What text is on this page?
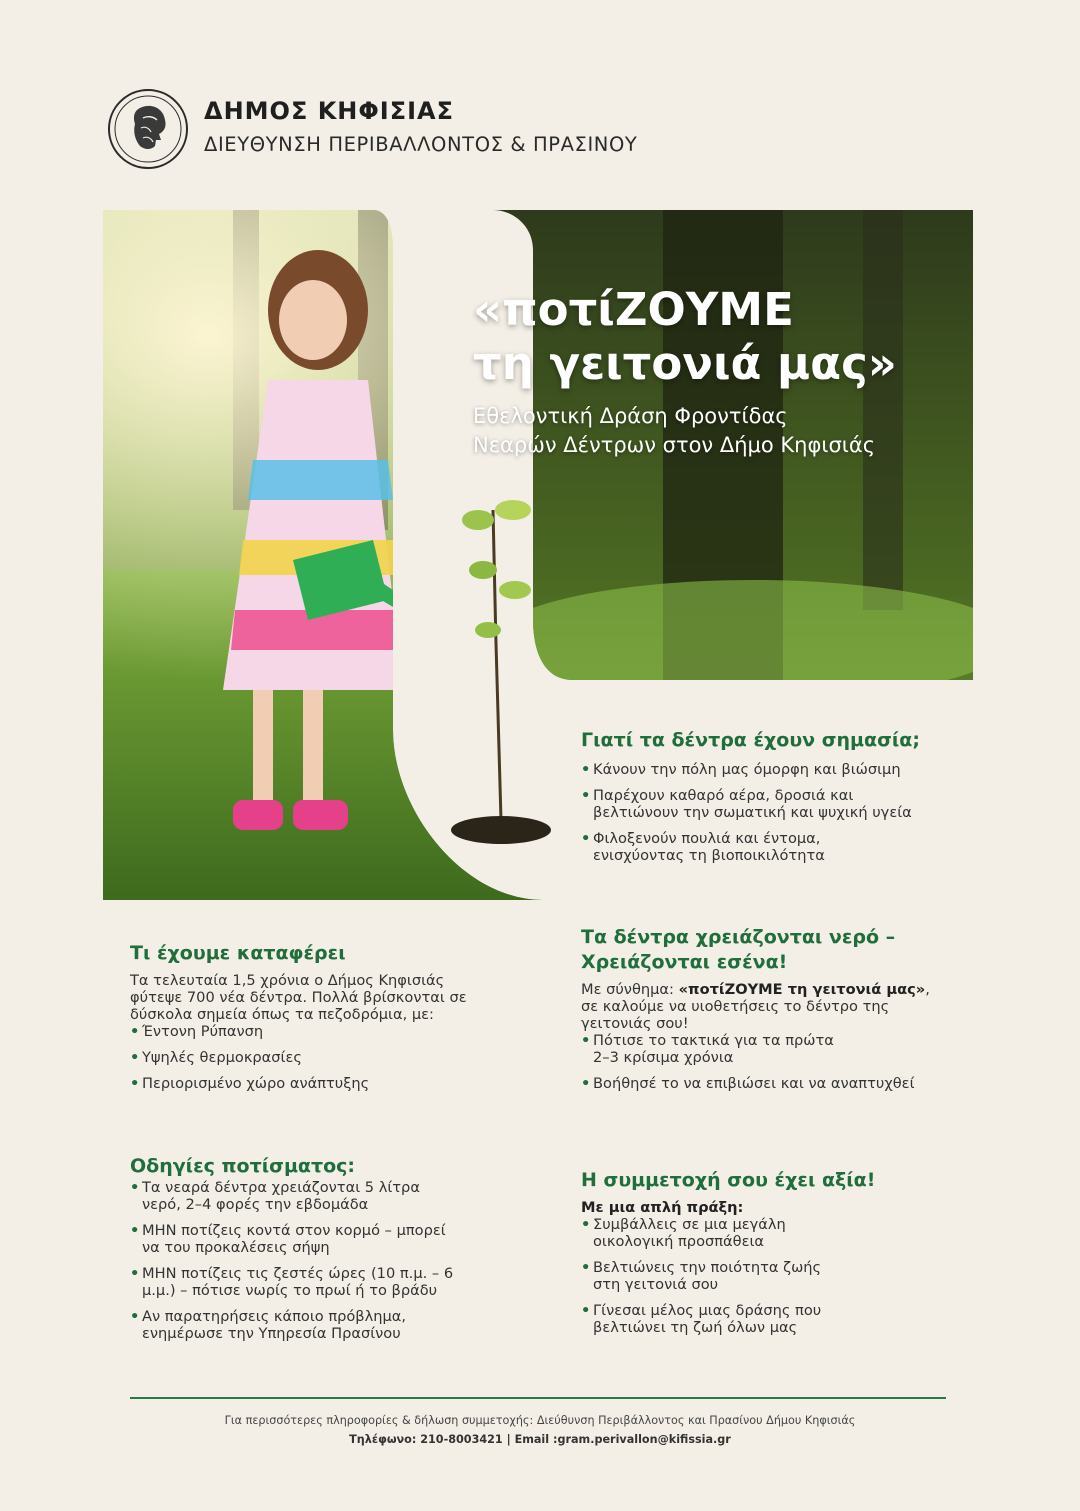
ΔΗΜΟΣ ΚΗΦΙΣΙΑΣ
ΔΙΕΥΘΥΝΣΗ ΠΕΡΙΒΑΛΛΟΝΤΟΣ & ΠΡΑΣΙΝΟΥ
«ποτίΖΟΥΜΕ
τη γειτονιά μας»
Εθελοντική Δράση Φροντίδας
Νεαρών Δέντρων στον Δήμο Κηφισιάς
Γιατί τα δέντρα έχουν σημασία;
• Κάνουν την πόλη μας όμορφη και βιώσιμη
• Παρέχουν καθαρό αέρα, δροσιά και
βελτιώνουν την σωματική και ψυχική υγεία
• Φιλοξενούν πουλιά και έντομα,
ενισχύοντας τη βιοποικιλότητα
Τι έχουμε καταφέρει
Τα τελευταία 1,5 χρόνια ο Δήμος Κηφισιάς
φύτεψε 700 νέα δέντρα. Πολλά βρίσκονται σε
δύσκολα σημεία όπως τα πεζοδρόμια, με:
• Έντονη Ρύπανση
• Υψηλές θερμοκρασίες
• Περιορισμένο χώρο ανάπτυξης
Τα δέντρα χρειάζονται νερό –
Χρειάζονται εσένα!
Με σύνθημα: «ποτίΖΟΥΜΕ τη γειτονιά μας»,
σε καλούμε να υιοθετήσεις το δέντρο της
γειτονιάς σου!
• Πότισε το τακτικά για τα πρώτα
2–3 κρίσιμα χρόνια
• Βοήθησέ το να επιβιώσει και να αναπτυχθεί
Οδηγίες ποτίσματος:
• Τα νεαρά δέντρα χρειάζονται 5 λίτρα
νερό, 2–4 φορές την εβδομάδα
• ΜΗΝ ποτίζεις κοντά στον κορμό – μπορεί
να του προκαλέσεις σήψη
• ΜΗΝ ποτίζεις τις ζεστές ώρες (10 π.μ. – 6
μ.μ.) – πότισε νωρίς το πρωί ή το βράδυ
• Αν παρατηρήσεις κάποιο πρόβλημα,
ενημέρωσε την Υπηρεσία Πρασίνου
Η συμμετοχή σου έχει αξία!
Με μια απλή πράξη:
• Συμβάλλεις σε μια μεγάλη
οικολογική προσπάθεια
• Βελτιώνεις την ποιότητα ζωής
στη γειτονιά σου
• Γίνεσαι μέλος μιας δράσης που
βελτιώνει τη ζωή όλων μας
Για περισσότερες πληροφορίες & δήλωση συμμετοχής: Διεύθυνση Περιβάλλοντος και Πρασίνου Δήμου Κηφισιάς
Τηλέφωνο: 210-8003421 | Email :gram.perivallon@kifissia.gr
